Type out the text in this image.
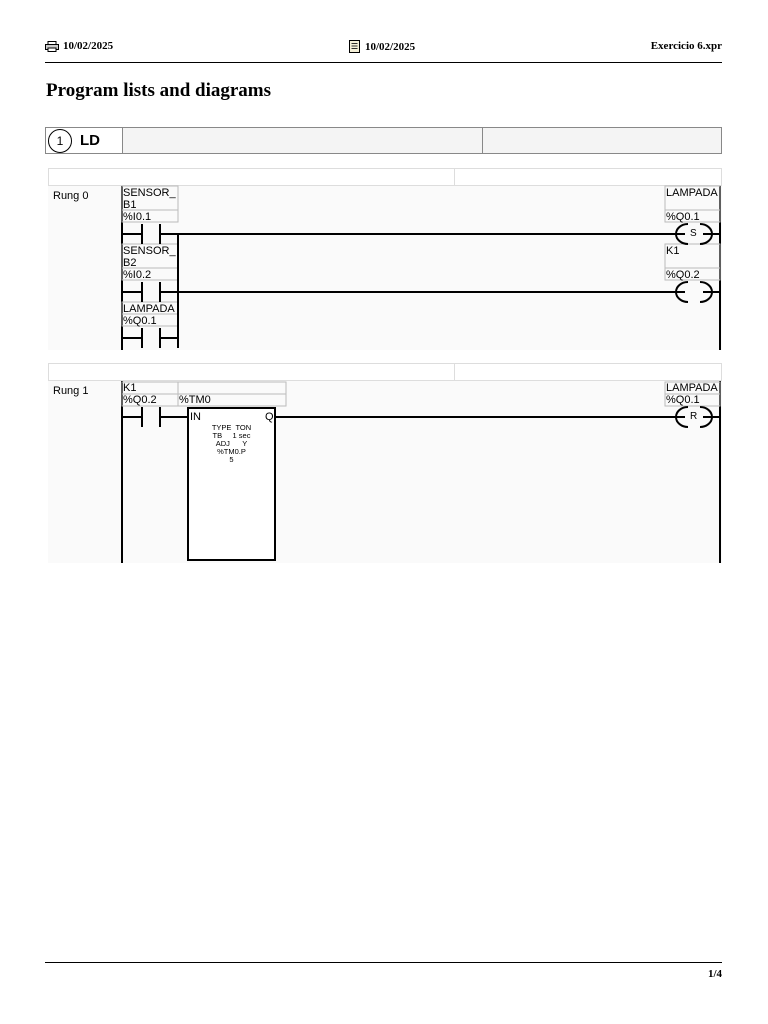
10/02/2025	10/02/2025	Exercicio 6.xpr
Program lists and diagrams
1	LD
Rung 0	SENSOR_
B1
%I0.1
SENSOR_
B2
%I0.2
LAMPADA
%Q0.1
LAMPADA
%Q0.1
S
K1
%Q0.2
Rung 1	K1
%Q0.2 %TM0
IN	Q
TYPE  TON
TB     1 sec
ADJ      Y
%TM0.P
5
LAMPADA
%Q0.1
R
1/4
